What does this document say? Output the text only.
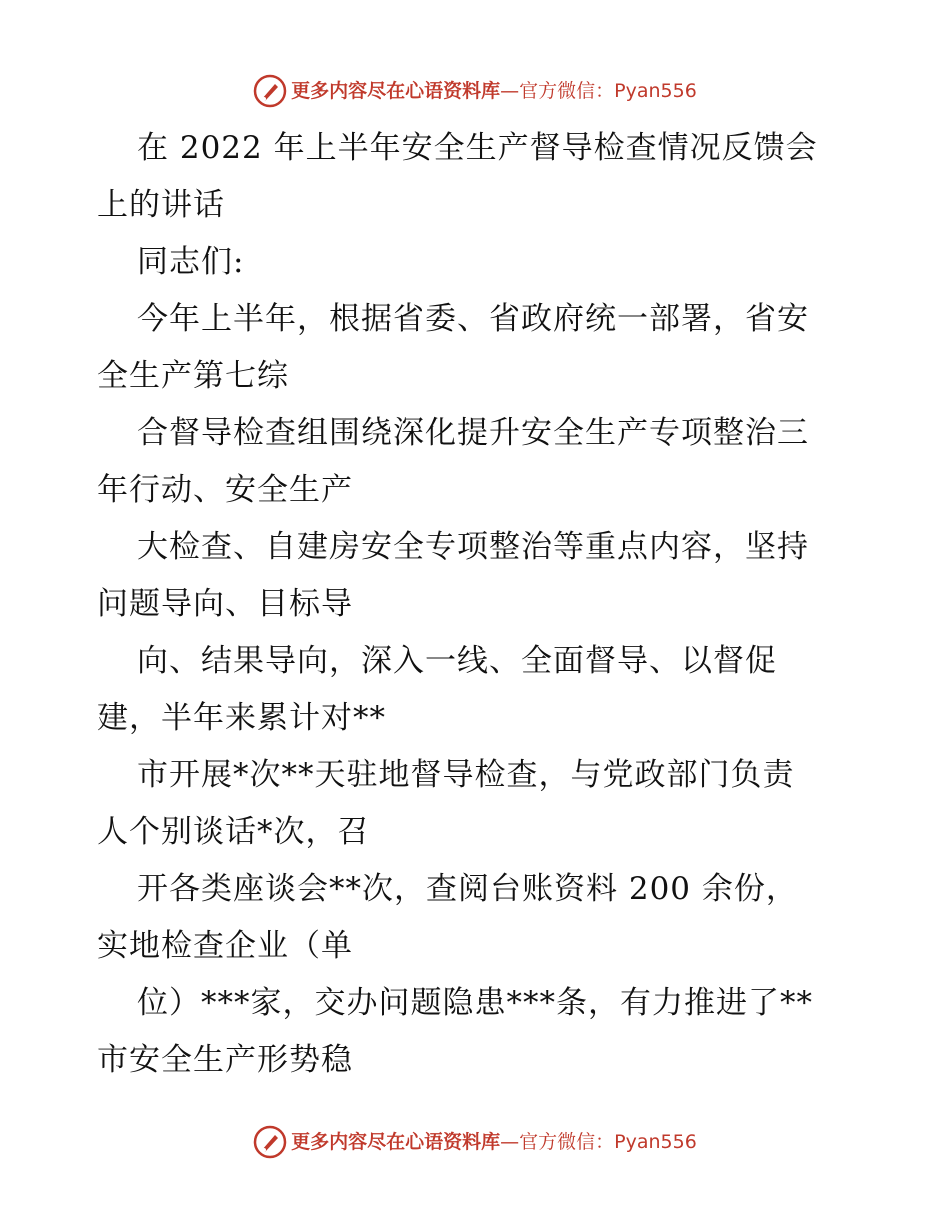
更多内容尽在心语资料库 — 官方微信：Pyan556
在 2022 年上半年安全生产督导检查情况反馈会
上的讲话
同志们:
今年上半年，根据省委、省政府统一部署，省安
全生产第七综
合督导检查组围绕深化提升安全生产专项整治三
年行动、安全生产
大检查、自建房安全专项整治等重点内容，坚持
问题导向、目标导
向、结果导向，深入一线、全面督导、以督促
建，半年来累计对**
市开展*次**天驻地督导检查，与党政部门负责
人个别谈话*次，召
开各类座谈会**次，查阅台账资料 200 余份，
实地检查企业（单
位）***家，交办问题隐患***条，有力推进了**
市安全生产形势稳
更多内容尽在心语资料库 — 官方微信：Pyan556
